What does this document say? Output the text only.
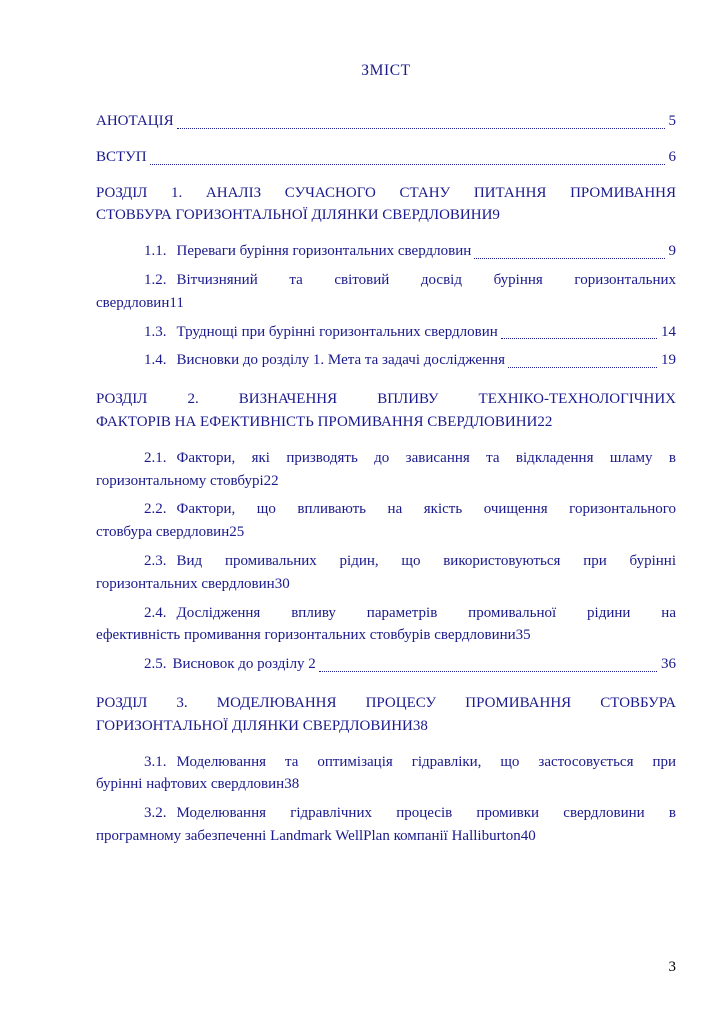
ЗМІСТ
АНОТАЦІЯ	5
ВСТУП	6
РОЗДІЛ 1. АНАЛІЗ СУЧАСНОГО СТАНУ ПИТАННЯ ПРОМИВАННЯ
СТОВБУРА ГОРИЗОНТАЛЬНОЇ ДІЛЯНКИ СВЕРДЛОВИНИ 9
1.1. Переваги буріння горизонтальних свердловин	9
1.2. Вітчизняний та світовий досвід буріння горизонтальних
свердловин 11
1.3. Труднощі при бурінні горизонтальних свердловин	14
1.4. Висновки до розділу 1. Мета та задачі дослідження	19
РОЗДІЛ 2. ВИЗНАЧЕННЯ ВПЛИВУ ТЕХНІКО-ТЕХНОЛОГІЧНИХ
ФАКТОРІВ НА ЕФЕКТИВНІСТЬ ПРОМИВАННЯ СВЕРДЛОВИНИ 22
2.1. Фактори, які призводять до зависання та відкладення шламу в
горизонтальному стовбурі 22
2.2. Фактори, що впливають на якість очищення горизонтального
стовбура свердловин 25
2.3. Вид промивальних рідин, що використовуються при бурінні
горизонтальних свердловин 30
2.4. Дослідження впливу параметрів промивальної рідини на
ефективність промивання горизонтальних стовбурів свердловини 35
2.5. Висновок до розділу 2	36
РОЗДІЛ 3. МОДЕЛЮВАННЯ ПРОЦЕСУ ПРОМИВАННЯ СТОВБУРА
ГОРИЗОНТАЛЬНОЇ ДІЛЯНКИ СВЕРДЛОВИНИ 38
3.1. Моделювання та оптимізація гідравліки, що застосовується при
бурінні нафтових свердловин 38
3.2. Моделювання гідравлічних процесів промивки свердловини в
програмному забезпеченні Landmark WellPlan компанії Halliburton 40
3
